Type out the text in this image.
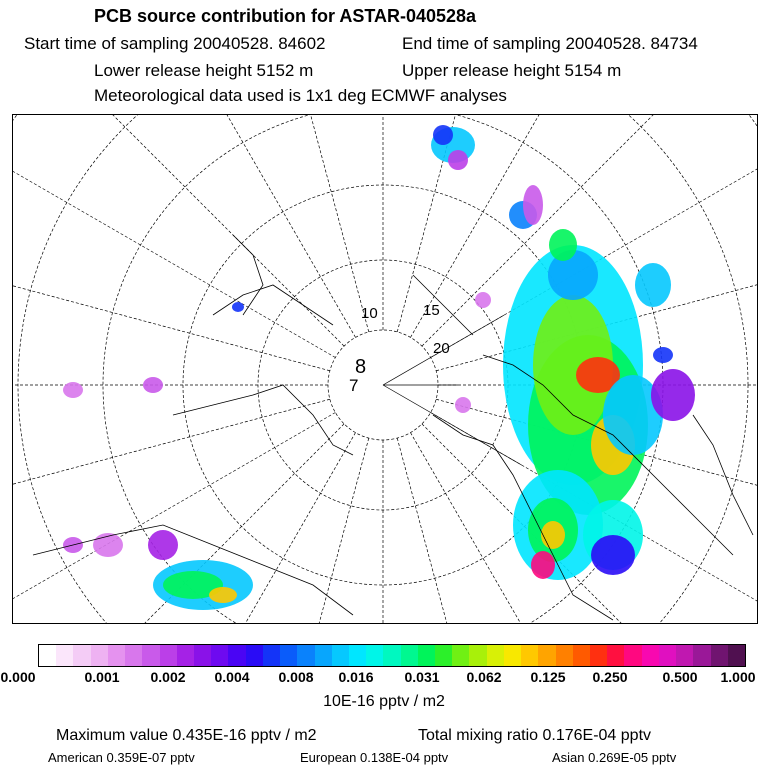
PCB source contribution for ASTAR-040528a
Start time of sampling 20040528. 84602	End time of sampling 20040528. 84734
Lower release height 5152 m	Upper release height 5154 m
Meteorological data used is 1x1 deg ECMWF analyses
8
7
10	15
20
0.000	0.001 0.002 0.004 0.008 0.016 0.031 0.062 0.125 0.250 0.500 1.000
10E-16 pptv / m2
Maximum value 0.435E-16 pptv / m2	Total mixing ratio 0.176E-04 pptv
American 0.359E-07 pptv	European 0.138E-04 pptv	Asian 0.269E-05 pptv
